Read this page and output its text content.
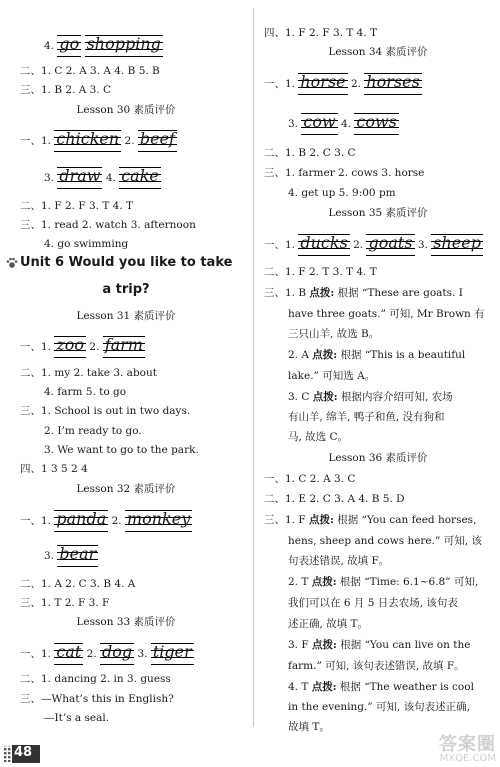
4. go shopping
二、1. C 2. A 3. A 4. B 5. B
三、1. B 2. A 3. C
Lesson 30 素质评价
一、1. chicken 2. beef
3. draw 4. cake
二、1. F 2. F 3. T 4. T
三、1. read 2. watch 3. afternoon
4. go swimming
Unit 6 Would you like to take
a trip?
Lesson 31 素质评价
一、1. zoo 2. farm
二、1. my 2. take 3. about
4. farm 5. to go
三、1. School is out in two days.
2. I’m ready to go.
3. We want to go to the park.
四、1 3 5 2 4
Lesson 32 素质评价
一、1. panda 2. monkey
3. bear
二、1. A 2. C 3. B 4. A
三、1. T 2. F 3. F
Lesson 33 素质评价
一、1. cat 2. dog 3. tiger
二、1. dancing 2. in 3. guess
三、—What’s this in English?
—It’s a seal.
48
四、1. F 2. F 3. T 4. T
Lesson 34 素质评价
一、1. horse 2. horses
3. cow 4. cows
二、1. B 2. C 3. C
三、1. farmer 2. cows 3. horse
4. get up 5. 9:00 pm
Lesson 35 素质评价
一、1. ducks 2. goats 3. sheep
二、1. F 2. T 3. T 4. T
三、1. B 点拨: 根据 “These are goats. I
have three goats.” 可知, Mr Brown 有
三只山羊, 故选 B。
2. A 点拨: 根据 “This is a beautiful
lake.” 可知选 A。
3. C 点拨: 根据内容介绍可知, 农场
有山羊, 绵羊, 鸭子和鱼, 没有狗和
马, 故选 C。
Lesson 36 素质评价
一、1. C 2. A 3. C
二、1. E 2. C 3. A 4. B 5. D
三、1. F 点拨: 根据 “You can feed horses,
hens, sheep and cows here.” 可知, 该
句表述错误, 故填 F。
2. T 点拨: 根据 “Time: 6.1~6.8” 可知,
我们可以在 6 月 5 日去农场, 该句表
述正确, 故填 T。
3. F 点拨: 根据 “You can live on the
farm.” 可知, 该句表述错误, 故填 F。
4. T 点拨: 根据 “The weather is cool
in the evening.” 可知, 该句表述正确,
故填 T。
答案圈
MXQE.COM
